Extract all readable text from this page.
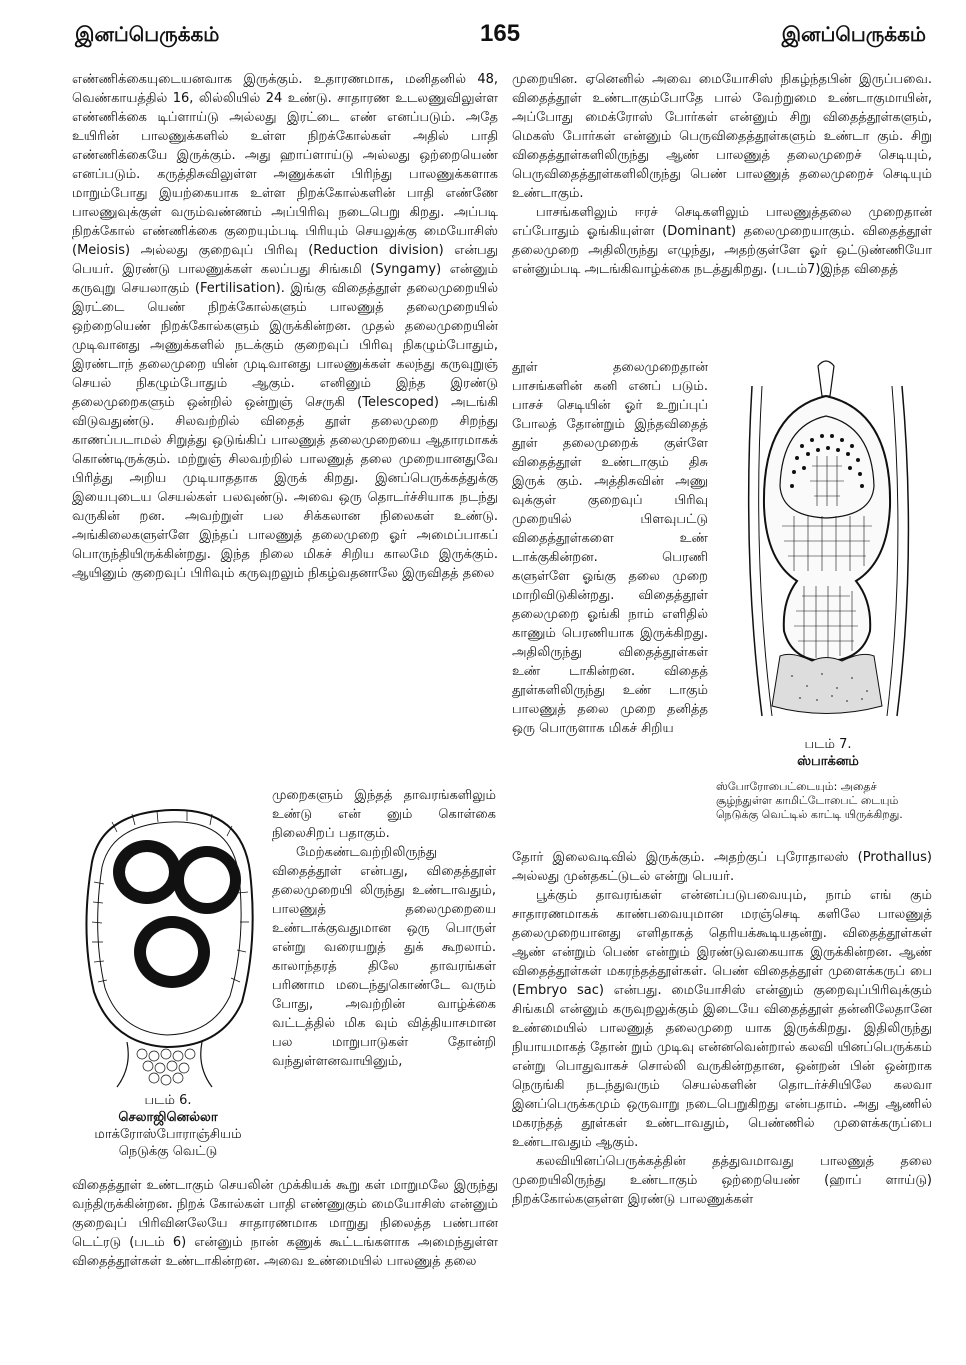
இனப்பெருக்கம்	165	இனப்பெருக்கம்

எண்ணிக்கையுடையனவாக இருக்கும். உதாரணமாக, மனிதனில் 48, வெண்காயத்தில் 16, லில்லியில் 24 உண்டு. சாதாரண உடலணுவிலுள்ள எண்ணிக்கை டிப்ளாய்டு அல்லது இரட்டை எண் எனப்படும். அதே உயிரின் பாலணுக்களில் உள்ள நிறக்கோல்கள் அதில் பாதி எண்ணிக்கையே இருக்கும். அது ஹாப்ளாய்டு அல்லது ஒற்றையெண் எனப்படும். கருத்திசுவிலுள்ள அணுக்கள் பிரிந்து பாலணுக்களாக மாறும்போது இயற்கையாக உள்ள நிறக்கோல்களின் பாதி எண்ணே பாலணுவுக்குள் வரும்வண்ணம் அப்பிரிவு நடைபெறு கிறது. அப்படி நிறக்கோல் எண்ணிக்கை குறையும்படி பிரியும் செயலுக்கு மையோசிஸ் (Meiosis) அல்லது குறைவுப் பிரிவு (Reduction division) என்பது பெயர். இரண்டு பாலணுக்கள் கலப்பது சிங்கமி (Syngamy) என்னும் கருவுறு செயலாகும் (Fertilisation). இங்கு விதைத்தூள் தலைமுறையில் இரட்டை யெண் நிறக்கோல்களும் பாலணுத் தலைமுறையில் ஒற்றையெண் நிறக்கோல்களும் இருக்கின்றன. முதல் தலைமுறையின் முடிவானது அணுக்களில் நடக்கும் குறைவுப் பிரிவு நிகழும்போதும், இரண்டாந் தலைமுறை யின் முடிவானது பாலணுக்கள் கலந்து கருவுறுஞ் செயல் நிகழும்போதும் ஆகும். எனினும் இந்த இரண்டு தலைமுறைகளும் ஒன்றில் ஒன்றுஞ் செருகி (Telescoped) அடங்கி விடுவதுண்டு. சிலவற்றில் விதைத் தூள் தலைமுறை சிறந்து காணப்படாமல் சிறுத்து ஒடுங்கிப் பாலணுத் தலைமுறையை ஆதாரமாகக் கொண்டிருக்கும். மற்றுஞ் சிலவற்றில் பாலணுத் தலை முறையானதுவே பிரித்து அறிய முடியாததாக இருக் கிறது. இனப்பெருக்கத்துக்கு இயைபுடைய செயல்கள் பலவுண்டு. அவை ஒரு தொடர்ச்சியாக நடந்து வருகின் றன. அவற்றுள் பல சிக்கலான நிலைகள் உண்டு. அங்கிலைகளுள்ளே இந்தப் பாலணுத் தலைமுறை ஓர் அமைப்பாகப் பொருந்தியிருக்கின்றது. இந்த நிலை மிகச் சிறிய காலமே இருக்கும். ஆயினும் குறைவுப் பிரிவும் கருவுறலும் நிகழ்வதனாலே இருவிதத் தலை

படம் 6.
செலாஜினெல்லா
மாக்ரோஸ்போராஞ்சியம்
நெடுக்கு வெட்டு

முறைகளும் இந்தத் தாவரங்களிலும் உண்டு என் னும் கொள்கை நிலைசிறப் பதாகும்.

மேற்கண்டவற்றிலிருந்து விதைத்தூள் என்பது, விதைத்தூள் தலைமுறையி லிருந்து உண்டாவதும், பாலணுத் தலைமுறையை உண்டாக்குவதுமான ஒரு பொருள் என்று வரையறுத் துக் கூறலாம். காலாந்தரத் திலே தாவரங்கள் பரிணாம மடைந்துகொண்டே வரும் போது, அவற்றின் வாழ்க்கை வட்டத்தில் மிக வும் வித்தியாசமான பல மாறுபாடுகள் தோன்றி வந்துள்ளனவாயினும்,

விதைத்தூள் உண்டாகும் செயலின் முக்கியக் கூறு கள் மாறுமலே இருந்து வந்திருக்கின்றன. நிறக் கோல்கள் பாதி எண்ணுகும் மையோசிஸ் என்னும் குறைவுப் பிரிவினலேயே சாதாரணமாக மாறுது நிலைத்த பண்பான டெட்ரடு (படம் 6) என்னும் நான் கணுக் கூட்டங்களாக அமைந்துள்ள விதைத்தூள்கள் உண்டாகின்றன. அவை உண்மையில் பாலணுத் தலை

முறையின. ஏனெனில் அவை மையோசிஸ் நிகழ்ந்தபின் இருப்பவை. விதைத்தூள் உண்டாகும்போதே பால் வேற்றுமை உண்டாகுமாயின், அப்போது மைக்ரோஸ் போர்கள் என்னும் சிறு விதைத்தூள்களும், மெகஸ் போர்கள் என்னும் பெருவிதைத்தூள்களும் உண்டா கும். சிறு விதைத்தூள்களிலிருந்து ஆண் பாலணுத் தலைமுறைச் செடியும், பெருவிதைத்தூள்களிலிருந்து பெண் பாலணுத் தலைமுறைச் செடியும் உண்டாகும்.

பாசங்களிலும் ஈரச் செடிகளிலும் பாலணுத்தலை முறைதான் எப்போதும் ஓங்கியுள்ள (Dominant) தலைமுறையாகும். விதைத்தூள் தலைமுறை அதிலிருந்து எழுந்து, அதற்குள்ளே ஓர் ஒட்டுண்ணியோ என்னும்படி அடங்கிவாழ்க்கை நடத்துகிறது. (படம்7)இந்த விதைத்

தூள் தலைமுறைதான் பாசங்களின் கனி எனப் படும். பாசச் செடியின் ஓர் உறுப்புப் போலத் தோன்றும் இந்தவிதைத் தூள் தலைமுறைக் குள்ளே விதைத்தூள் உண்டாகும் திசு இருக் கும். அத்திசுவின் அணு வுக்குள் குறைவுப் பிரிவு முறையில் பிளவுபட்டு விதைத்தூள்களை உண் டாக்குகின்றன. பெரணி களுள்ளே ஓங்கு தலை முறை மாறிவிடுகின்றது. விதைத்தூள் தலைமுறை ஓங்கி நாம் எளிதில் காணும் பெரணியாக இருக்கிறது. அதிலிருந்து விதைத்தூள்கள் உண் டாகின்றன. விதைத் தூள்களிலிருந்து உண் டாகும் பாலணுத் தலை முறை தனித்த ஒரு பொருளாக மிகச் சிறிய

படம் 7.
ஸ்பாக்னம்
ஸ்போரோபைட்டையும்: அதைச் சூழ்ந்துள்ள காமிட்டோபைட் டையும் நெடுக்கு வெட்டில் காட்டி யிருக்கிறது.

தோர் இலைவடிவில் இருக்கும். அதற்குப் புரோதாலஸ் (Prothallus) அல்லது முன்தகட்டுடல் என்று பெயர்.

பூக்கும் தாவரங்கள் என்னப்படுபவையும், நாம் எங் கும் சாதாரணமாகக் காண்பவையுமான மரஞ்செடி களிலே பாலணுத் தலைமுறையானது எளிதாகத் தெரியக்கூடியதன்று. விதைத்தூள்கள் ஆண் என்றும் பெண் என்றும் இரண்டுவகையாக இருக்கின்றன. ஆண் விதைத்தூள்கள் மகரந்தத்தூள்கள். பெண் விதைத்தூள் முளைக்கருப் பை (Embryo sac) என்பது. மையோசிஸ் என்னும் குறைவுப்பிரிவுக்கும் சிங்கமி என்னும் கருவுறலுக்கும் இடையே விதைத்தூள் தன்னிலேதானே உண்மையில் பாலணுத் தலைமுறை யாக இருக்கிறது. இதிலிருந்து நியாயமாகத் தோன் றும் முடிவு என்னவென்றால் கலவி யினப்பெருக்கம் என்று பொதுவாகச் சொல்லி வருகின்றதான, ஒன்றன் பின் ஒன்றாக நெருங்கி நடந்துவரும் செயல்களின் தொடர்ச்சியிலே கலவா இனப்பெருக்கமும் ஒருவாறு நடைபெறுகிறது என்பதாம். அது ஆணில் மகரந்தத் தூள்கள் உண்டாவதும், பெண்ணில் முளைக்கருப்பை உண்டாவதும் ஆகும்.

கலவியினப்பெருக்கத்தின் தத்துவமாவது பாலணுத் தலை முறையிலிருந்து உண்டாகும் ஒற்றையெண் (ஹாப் ளாய்டு) நிறக்கோல்களுள்ள இரண்டு பாலணுக்கள்
